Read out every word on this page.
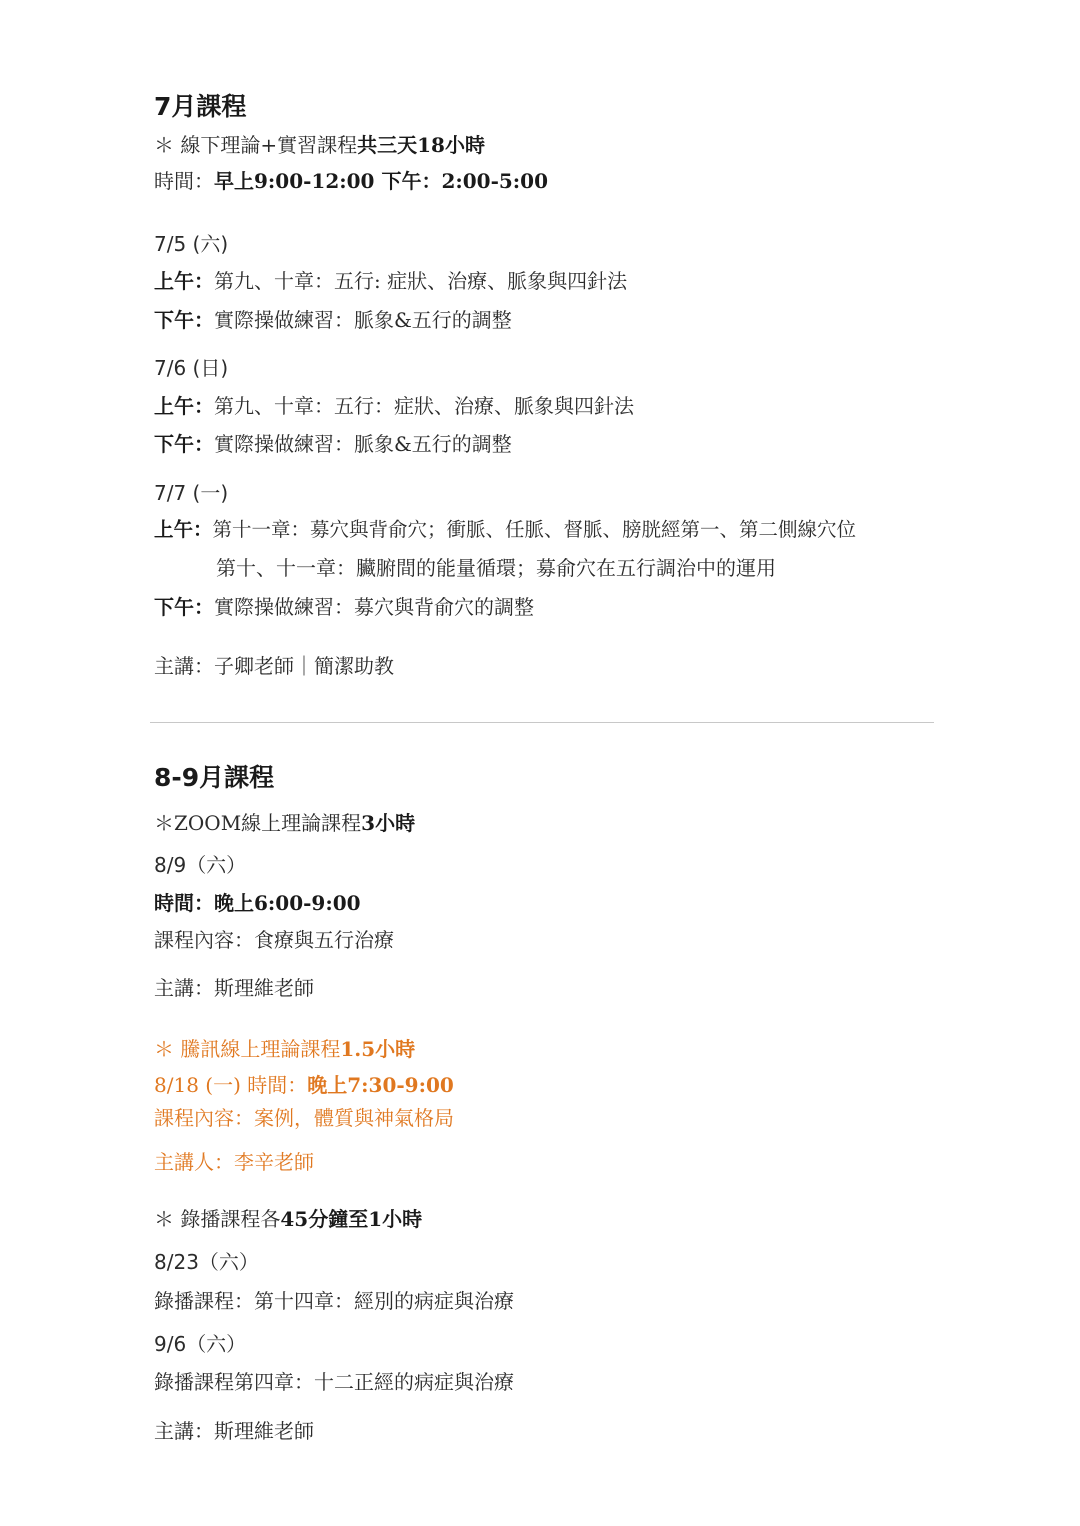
7月課程
＊ 線下理論+實習課程共三天18小時
時間：早上9:00-12:00 下午：2:00-5:00
7/5 (六)
上午：第九、十章：五行: 症狀、治療、脈象與四針法
下午：實際操做練習：脈象&五行的調整
7/6 (日)
上午：第九、十章：五行：症狀、治療、脈象與四針法
下午：實際操做練習：脈象&五行的調整
7/7 (一)
上午：第十一章：募穴與背俞穴；衝脈、任脈、督脈、膀胱經第一、第二側線穴位
第十、十一章：臟腑間的能量循環；募俞穴在五行調治中的運用
下午：實際操做練習：募穴與背俞穴的調整
主講：子卿老師｜簡潔助教
8-9月課程
＊ZOOM線上理論課程3小時
8/9（六）
時間：晚上6:00-9:00
課程內容：食療與五行治療
主講：斯理維老師
＊ 騰訊線上理論課程1.5小時
8/18 (一) 時間：晚上7:30-9:00
課程內容：案例，體質與神氣格局
主講人：李辛老師
＊ 錄播課程各45分鐘至1小時
8/23（六）
錄播課程：第十四章：經別的病症與治療
9/6（六）
錄播課程第四章：十二正經的病症與治療
主講：斯理維老師
